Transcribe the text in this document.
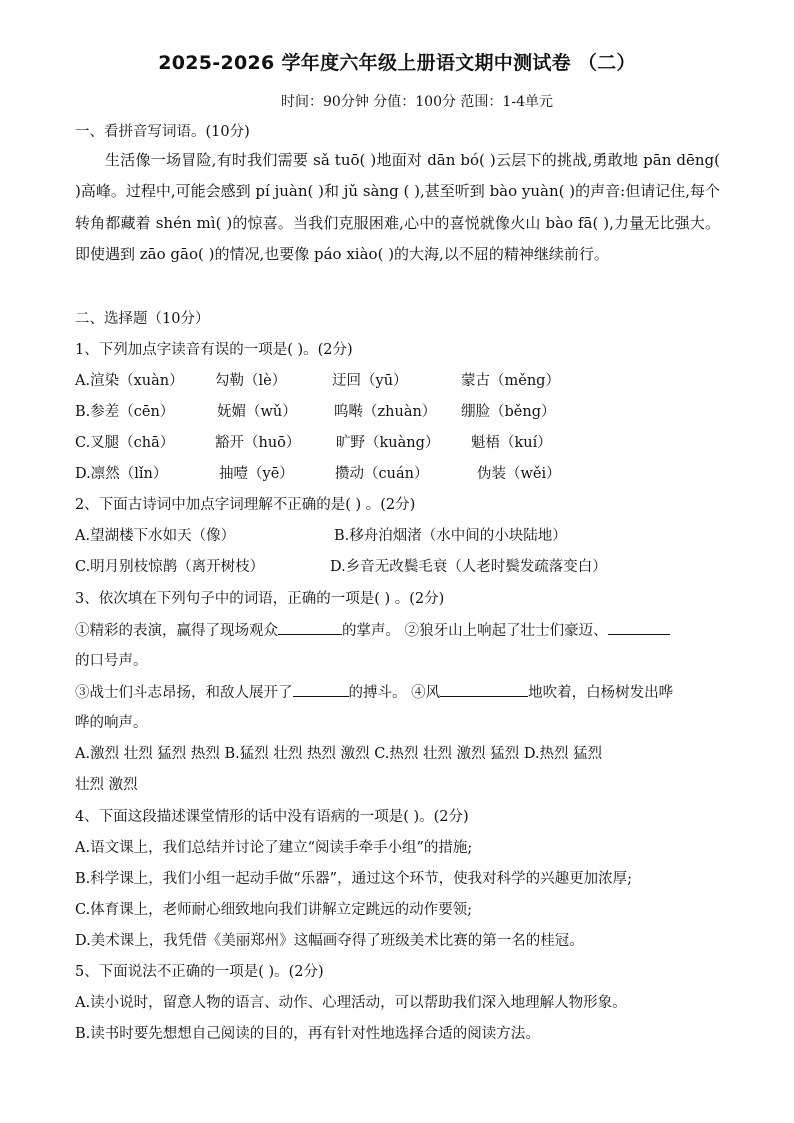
2025-2026 学年度六年级上册语文期中测试卷 （二）
时间：90分钟 分值：100分 范围：1-4单元
一、看拼音写词语。(10分)
生活像一场冒险,有时我们需要 sǎ tuō( )地面对 dān bó( )云层下的挑战,勇敢地 pān dēng( )高峰。过程中,可能会感到 pí juàn( )和 jǔ sàng ( ),甚至听到 bào yuàn( )的声音:但请记住,每个转角都藏着 shén mì( )的惊喜。当我们克服困难,心中的喜悦就像火山 bào fā( ),力量无比强大。即使遇到 zāo gāo( )的情况,也要像 páo xiào( )的大海,以不屈的精神继续前行。
二、选择题（10分）
1、下列加点字读音有误的一项是( )。(2分)
A.渲染（xuàn） 勾勒（lè）	迂回（yū）	蒙古（měng）
B.参差（cēn）	妩媚（wǔ）	呜啭（zhuàn） 绷脸（běng）
C.叉腿（chā）	豁开（huō） 旷野（kuàng） 魁梧（kuí）
D.凛然（lǐn）	抽噎（yē）	攒动（cuán）	伪装（wěi）
2、下面古诗词中加点字词理解不正确的是( ) 。(2分)
A.望湖楼下水如天（像）	B.移舟泊烟渚（水中间的小块陆地）
C.明月别枝惊鹊（离开树枝）	D.乡音无改鬓毛衰（人老时鬓发疏落变白）
3、依次填在下列句子中的词语，正确的一项是( ) 。(2分)
①精彩的表演，赢得了现场观众	的掌声。 ②狼牙山上响起了壮士们豪迈、
的口号声。
③战士们斗志昂扬，和敌人展开了	的搏斗。 ④风	地吹着，白杨树发出哗
哗的响声。
A.激烈 壮烈 猛烈 热烈 B.猛烈 壮烈 热烈 激烈 C.热烈 壮烈 激烈 猛烈 D.热烈 猛烈
壮烈 激烈
4、下面这段描述课堂情形的话中没有语病的一项是( )。(2分)
A.语文课上，我们总结并讨论了建立“阅读手牵手小组”的措施;
B.科学课上，我们小组一起动手做“乐器”，通过这个环节，使我对科学的兴趣更加浓厚;
C.体育课上，老师耐心细致地向我们讲解立定跳远的动作要领;
D.美术课上，我凭借《美丽郑州》这幅画夺得了班级美术比赛的第一名的桂冠。
5、下面说法不正确的一项是( )。(2分)
A.读小说时，留意人物的语言、动作、心理活动，可以帮助我们深入地理解人物形象。
B.读书时要先想想自己阅读的目的，再有针对性地选择合适的阅读方法。
